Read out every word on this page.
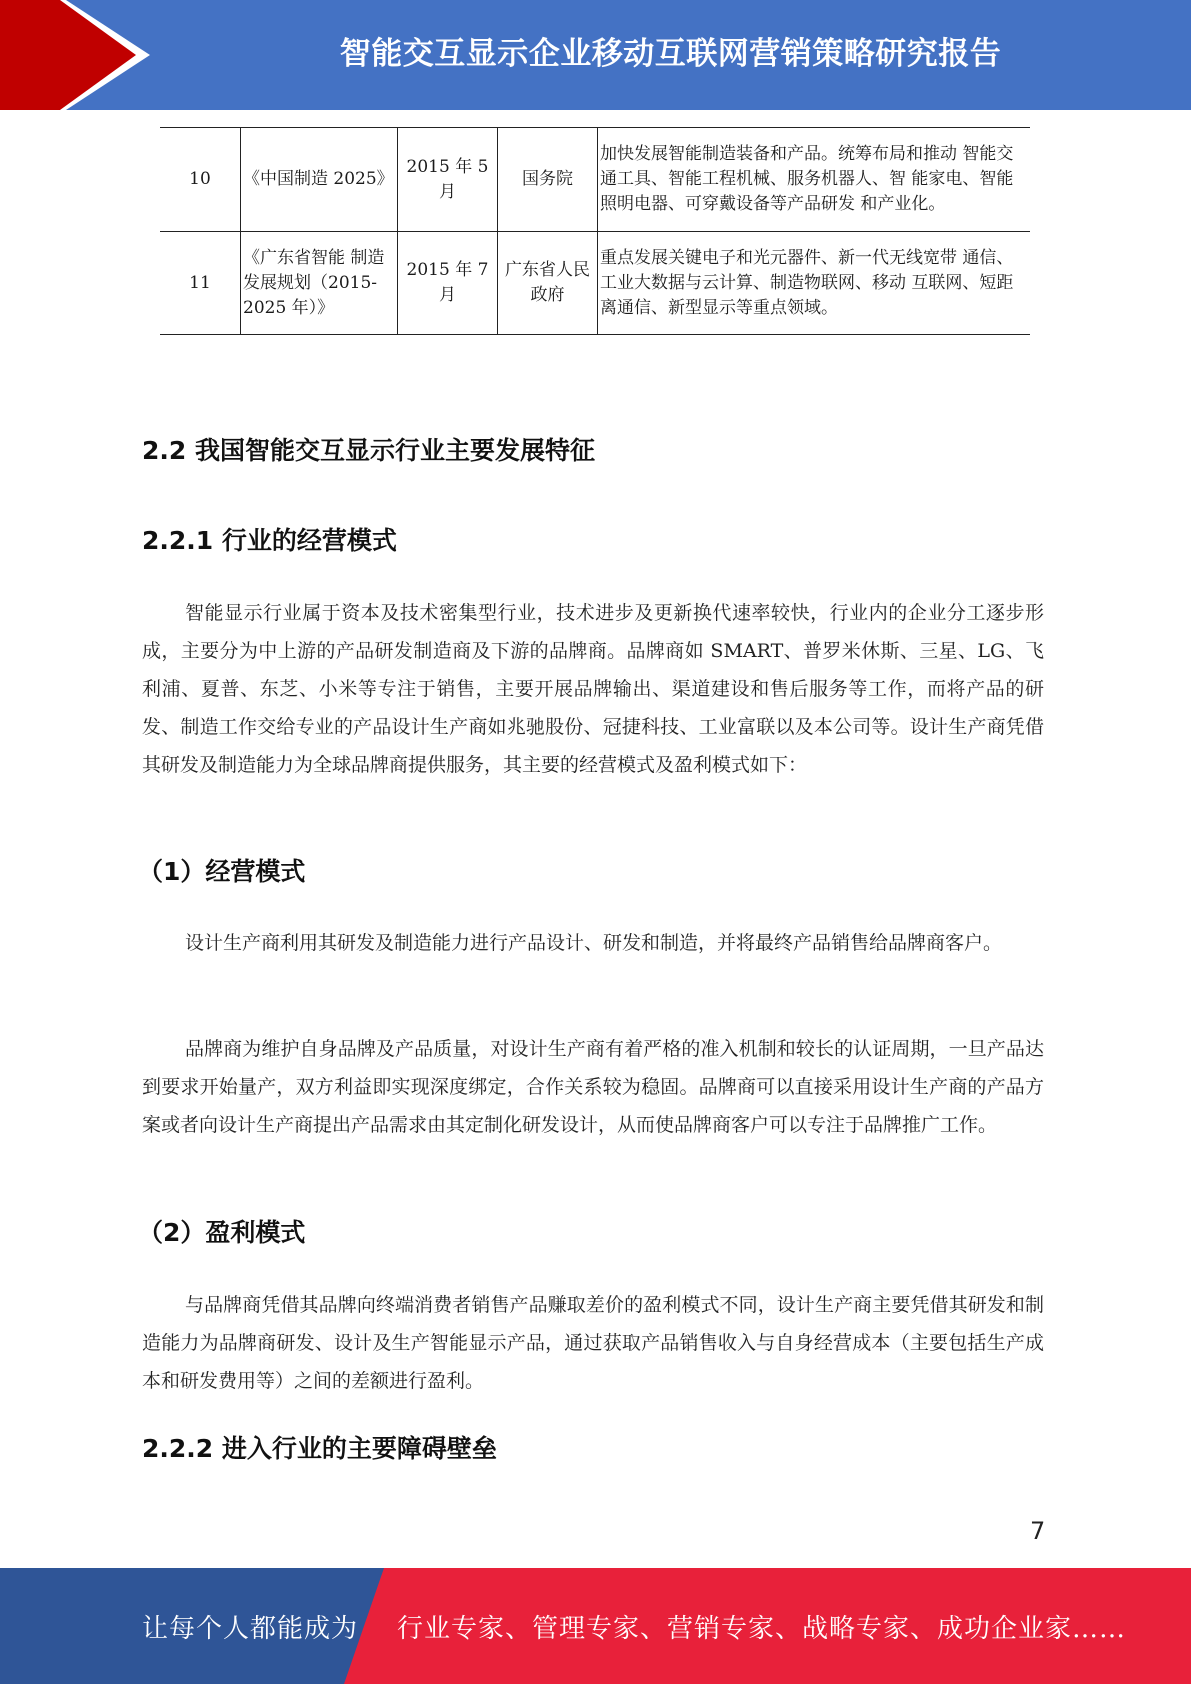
智能交互显示企业移动互联网营销策略研究报告
10	《中国制造 2025》	2015 年 5 月	国务院	加快发展智能制造装备和产品。统筹布局和推动 智能交通工具、智能工程机械、服务机器人、智 能家电、智能照明电器、可穿戴设备等产品研发 和产业化。
11	《广东省智能 制造发展规划（2015-2025 年）》	2015 年 7 月	广东省人民政府	重点发展关键电子和光元器件、新一代无线宽带 通信、工业大数据与云计算、制造物联网、移动 互联网、短距离通信、新型显示等重点领域。
2.2 我国智能交互显示行业主要发展特征
2.2.1 行业的经营模式

智能显示行业属于资本及技术密集型行业，技术进步及更新换代速率较快，行业内的企业分工逐步形成，主要分为中上游的产品研发制造商及下游的品牌商。品牌商如 SMART、普罗米休斯、三星、LG、飞利浦、夏普、东芝、小米等专注于销售，主要开展品牌输出、渠道建设和售后服务等工作，而将产品的研发、制造工作交给专业的产品设计生产商如兆驰股份、冠捷科技、工业富联以及本公司等。设计生产商凭借其研发及制造能力为全球品牌商提供服务，其主要的经营模式及盈利模式如下：

（1）经营模式

设计生产商利用其研发及制造能力进行产品设计、研发和制造，并将最终产品销售给品牌商客户。

品牌商为维护自身品牌及产品质量，对设计生产商有着严格的准入机制和较长的认证周期，一旦产品达到要求开始量产，双方利益即实现深度绑定，合作关系较为稳固。品牌商可以直接采用设计生产商的产品方案或者向设计生产商提出产品需求由其定制化研发设计，从而使品牌商客户可以专注于品牌推广工作。

（2）盈利模式

与品牌商凭借其品牌向终端消费者销售产品赚取差价的盈利模式不同，设计生产商主要凭借其研发和制造能力为品牌商研发、设计及生产智能显示产品，通过获取产品销售收入与自身经营成本（主要包括生产成本和研发费用等）之间的差额进行盈利。

2.2.2 进入行业的主要障碍壁垒
7
让每个人都能成为 行业专家、管理专家、营销专家、战略专家、成功企业家……
